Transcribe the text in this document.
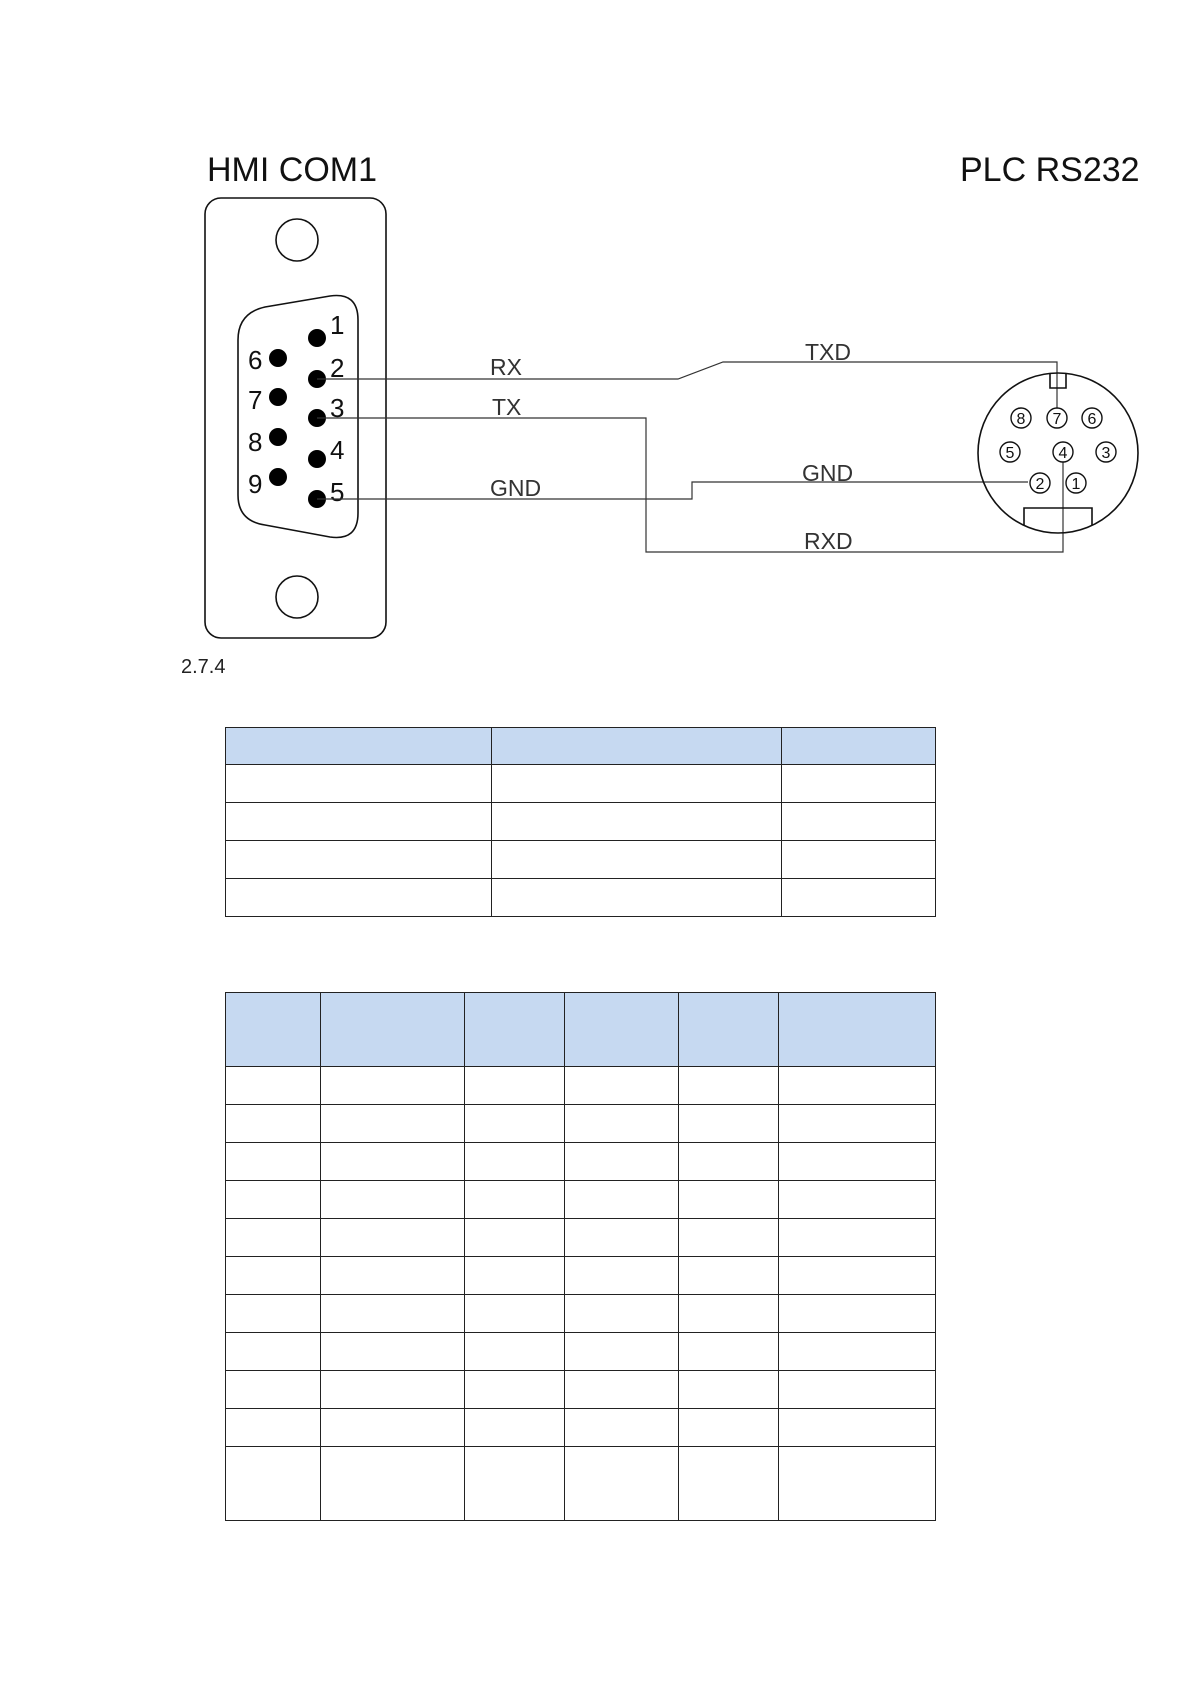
HMI COM1	PLC RS232
1
2
3
4
5
6
7
8
9
RX
TX
GND
TXD
GND
RXD
8 7 6
5	4 3
2 1
2.7.4
